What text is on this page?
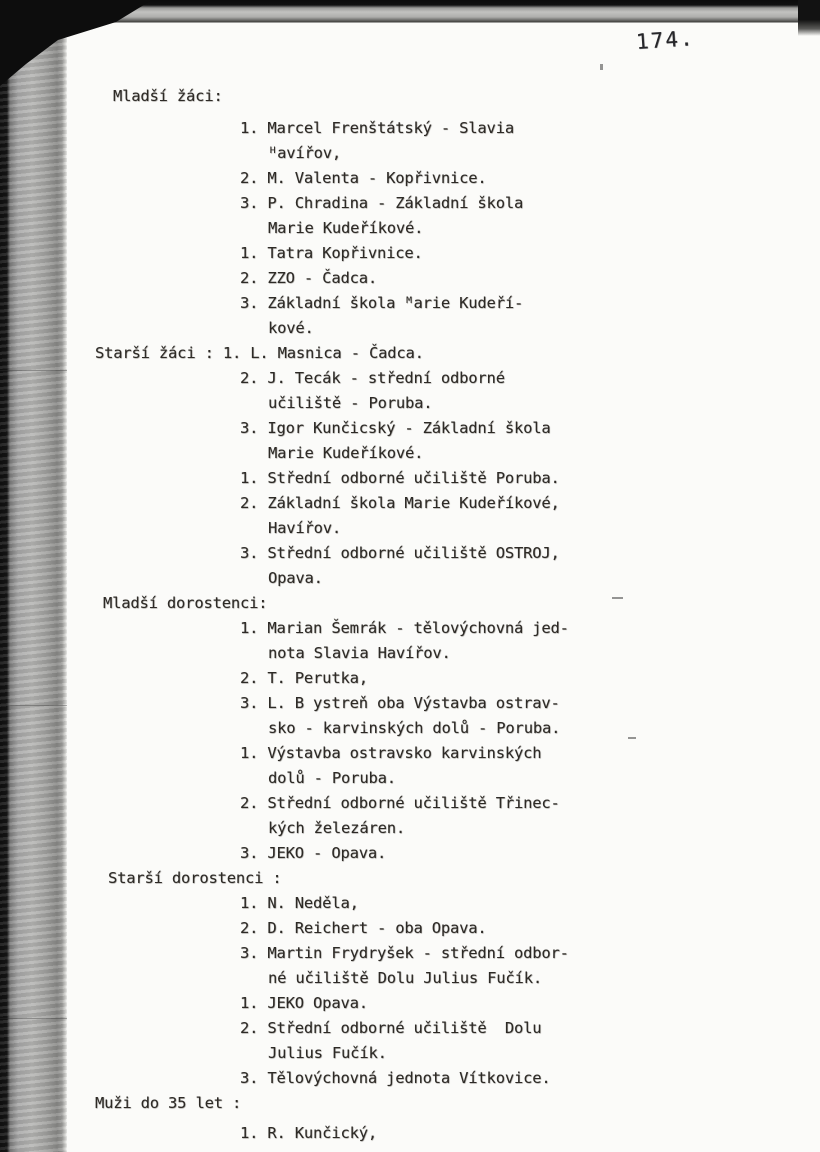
174.
Mladší žáci:
1. Marcel Frenštátský - Slavia
ᴴavířov,
2. M. Valenta - Kopřivnice.
3. P. Chradina - Základní škola
Marie Kudeříkové.
1. Tatra Kopřivnice.
2. ZZO - Čadca.
3. Základní škola ᴹarie Kudeří-
kové.
Starší žáci : 1. L. Masnica - Čadca.
2. J. Tecák - střední odborné
učiliště - Poruba.
3. Igor Kunčicský - Základní škola
Marie Kudeříkové.
1. Střední odborné učiliště Poruba.
2. Základní škola Marie Kudeříkové,
Havířov.
3. Střední odborné učiliště OSTROJ,
Opava.
Mladší dorostenci:
1. Marian Šemrák - tělovýchovná jed-
nota Slavia Havířov.
2. T. Perutka,
3. L. B ystreň oba Výstavba ostrav-
sko - karvinských dolů - Poruba.
1. Výstavba ostravsko karvinských
dolů - Poruba.
2. Střední odborné učiliště Třinec-
kých železáren.
3. JEKO - Opava.
Starší dorostenci :
1. N. Neděla,
2. D. Reichert - oba Opava.
3. Martin Frydryšek - střední odbor-
né učiliště Dolu Julius Fučík.
1. JEKO Opava.
2. Střední odborné učiliště  Dolu
Julius Fučík.
3. Tělovýchovná jednota Vítkovice.
Muži do 35 let :
1. R. Kunčický,
